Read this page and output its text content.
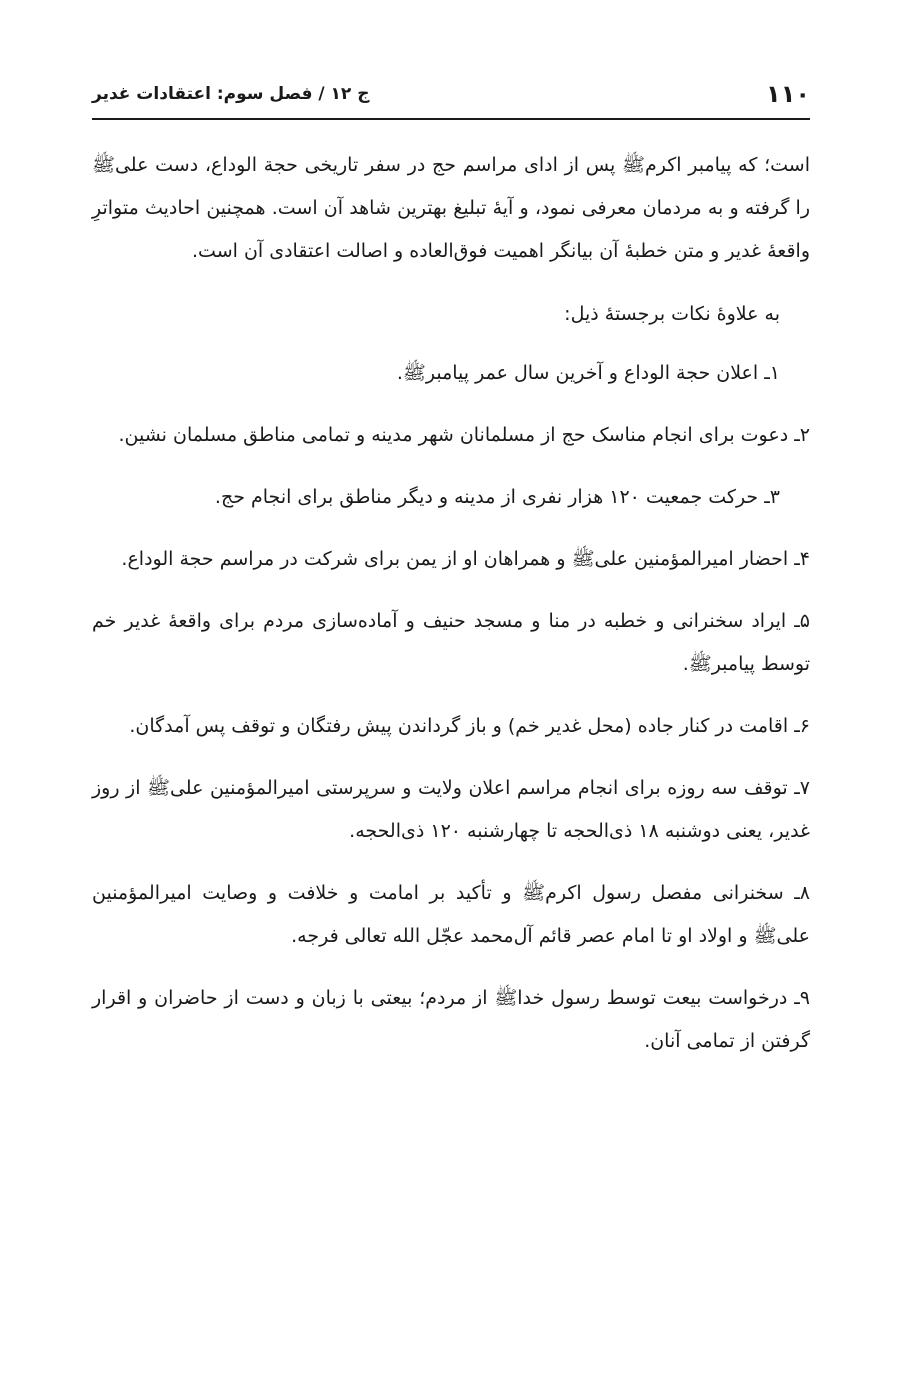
۱۱۰
ج ۱۲ / فصل سوم: اعتقادات غدیر

است؛ که پیامبر اکرمﷺ پس از ادای مراسم حج در سفر تاریخی حجة الوداع، دست علی‌ﷺ را گرفته و به مردمان معرفی نمود، و آیهٔ تبلیغ بهترین شاهد آن است. همچنین احادیث متواترِ واقعهٔ غدیر و متن خطبهٔ آن بیانگر اهمیت فوق‌العاده و اصالت اعتقادی آن است.

به علاوهٔ نکات برجستهٔ ذیل:

۱ـ اعلان حجة الوداع و آخرین سال عمر پیامبرﷺ.

۲ـ دعوت برای انجام مناسک حج از مسلمانان شهر مدینه و تمامی مناطق مسلمان نشین.

۳ـ حرکت جمعیت ۱۲۰ هزار نفری از مدینه و دیگر مناطق برای انجام حج.

۴ـ احضار امیرالمؤمنین علیﷺ و همراهان او از یمن برای شرکت در مراسم حجة الوداع.

۵ـ ایراد سخنرانی و خطبه در منا و مسجد حنیف و آماده‌سازی مردم برای واقعهٔ غدیر خم توسط پیامبرﷺ.

۶ـ اقامت در کنار جاده (محل غدیر خم) و باز گرداندن پیش رفتگان و توقف پس آمدگان.

۷ـ توقف سه روزه برای انجام مراسم اعلان ولایت و سرپرستی امیرالمؤمنین علیﷺ از روز غدیر، یعنی دوشنبه ۱۸ ذی‌الحجه تا چهارشنبه ۱۲۰ ذی‌الحجه.

۸ـ سخنرانی مفصل رسول اکرمﷺ و تأکید بر امامت و خلافت و وصایت امیرالمؤمنین علیﷺ و اولاد او تا امام عصر قائم آل‌محمد عجّل الله تعالی فرجه.

۹ـ درخواست بیعت توسط رسول خداﷺ از مردم؛ بیعتی با زبان و دست از حاضران و اقرار گرفتن از تمامی آنان.
